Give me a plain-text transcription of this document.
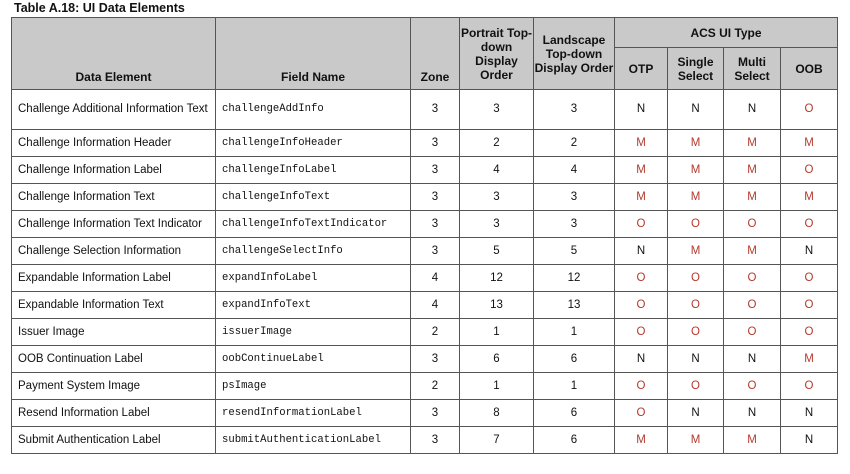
Table A.18: UI Data Elements
Data Element	Field Name	Zone	Portrait Top-down Display Order	Landscape Top-down Display Order	ACS UI Type			
					OTP	Single Select	Multi Select	OOB
Challenge Additional Information Text	challengeAddInfo	3	3	3	N	N	N	O
Challenge Information Header	challengeInfoHeader	3	2	2	M	M	M	M
Challenge Information Label	challengeInfoLabel	3	4	4	M	M	M	O
Challenge Information Text	challengeInfoText	3	3	3	M	M	M	M
Challenge Information Text Indicator	challengeInfoTextIndicator	3	3	3	O	O	O	O
Challenge Selection Information	challengeSelectInfo	3	5	5	N	M	M	N
Expandable Information Label	expandInfoLabel	4	12	12	O	O	O	O
Expandable Information Text	expandInfoText	4	13	13	O	O	O	O
Issuer Image	issuerImage	2	1	1	O	O	O	O
OOB Continuation Label	oobContinueLabel	3	6	6	N	N	N	M
Payment System Image	psImage	2	1	1	O	O	O	O
Resend Information Label	resendInformationLabel	3	8	6	O	N	N	N
Submit Authentication Label	submitAuthenticationLabel	3	7	6	M	M	M	N
